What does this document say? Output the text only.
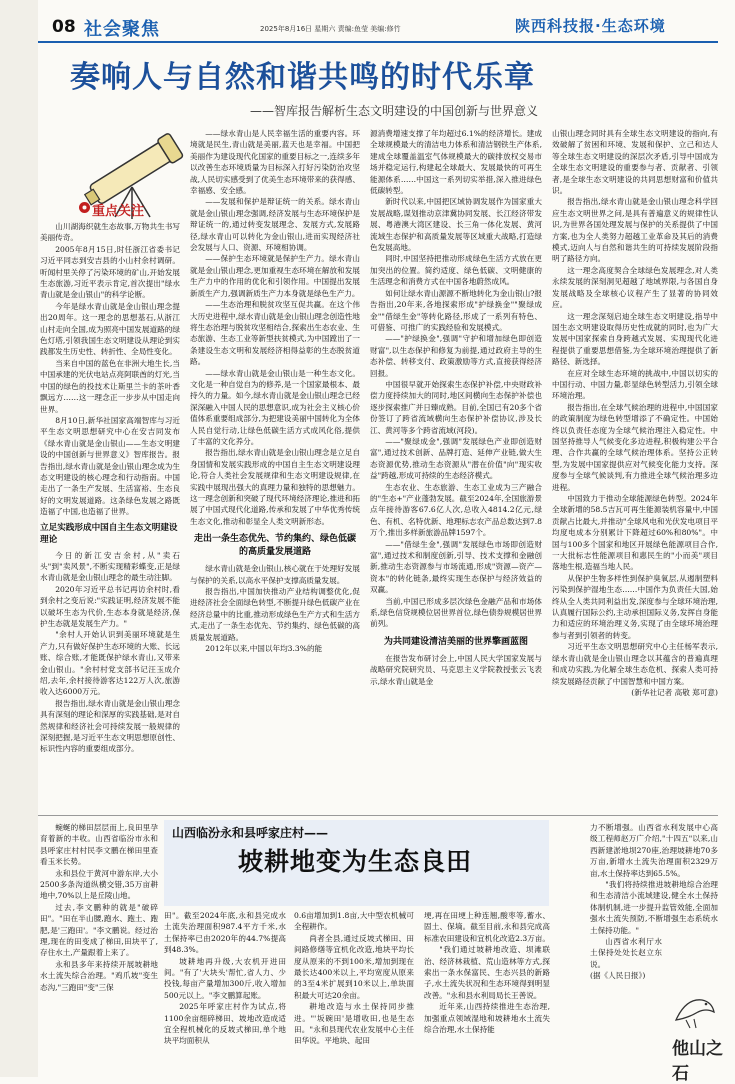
08 社会聚焦	2025年8月16日 星期六 责编:鱼莹 美编:修竹	陕西科技报·生态环境
奏响人与自然和谐共鸣的时代乐章
——智库报告解析生态文明建设的中国创新与世界意义
重点关注

山川湖海织就生态故事,万物共生书写美丽传奇。

2005年8月15日,时任浙江省委书记习近平同志到安吉县的小山村余村调研。听闻村里关停了污染环境的矿山,开始发展生态旅游,习近平表示肯定,首次提出"绿水青山就是金山银山"的科学论断。

今年是绿水青山就是金山银山理念提出20周年。这一理念的思想基石,从浙江山村走向全国,成为照亮中国发展道路的绿色灯塔,引领我国生态文明建设从理论到实践都发生历史性、转折性、全局性变化。

当来自中国的蓝色在非洲大地生长,当中国承建的光伏电站点亮阿联酋的灯光,当中国的绿色的投技术让斯里兰卡的茶叶香飘远方……这一理念正一步步从中国走向世界。

8月10日,新华社国家高端智库与习近平生态文明思想研究中心在安吉同发布《绿水青山就是金山银山——生态文明建设的中国创新与世界意义》智库报告。报告指出,绿水青山就是金山银山理念成为生态文明建设的核心理念和行动指南。中国走出了一条生产发展、生活富裕、生态良好的文明发展道路。这条绿色发展之路既造福了中国,也造福了世界。

立足实践形成中国自主生态文明建设理论

今日的新江安吉余村,从"卖石头"到"卖风景",不断实现精彩蝶变,正是绿水青山就是金山银山理念的最生动注脚。

2020年习近平总书记再访余村时,看到余村之变后说:"实践证明,经济发展不能以破坏生态为代价,生态本身就是经济,保护生态就是发展生产力。"

"余村人开始认识到美丽环境就是生产力,只有做好保护生态环境的大账、长远账、综合账,才能既保护绿水青山,又带来金山银山。"余村村党支部书记汪玉成介绍,去年,余村接待游客达122万人次,旅游收入达6000万元。

报告指出,绿水青山就是金山银山理念具有深刻的理论和深厚的实践基础,是对自然规律和经济社会可持续发展一般规律的深刻把握,是习近平生态文明思想原创性、标识性内容的重要组成部分。

——绿水青山是人民幸福生活的重要内容。环境就是民生,青山就是美丽,蓝天也是幸福。中国把美丽作为建设现代化国家的重要目标之一,连续多年以改善生态环境质量为目标深入打好污染防治攻坚战,人民切实感受到了优美生态环境带来的获得感、幸福感、安全感。

——发展和保护是辩证统一的关系。绿水青山就是金山银山理念强调,经济发展与生态环境保护是辩证统一的,通过转变发展理念、发展方式,发展路径,绿水青山可以转化为金山银山,进而实现经济社会发展与人口、资源、环境相协调。

——保护生态环境就是保护生产力。绿水青山就是金山银山理念,更加重视生态环境在解放和发展生产力中的作用的优化和引领作用。中国提出发展新质生产力,强调新质生产力本身就是绿色生产力。

——生态治理和脱贫攻坚互促共赢。在这个伟大历史进程中,绿水青山就是金山银山理念创造性地将生态治理与脱贫攻坚相结合,探索出生态农业、生态旅游、生态工业等新型扶贫模式,为中国蹚出了一条建设生态文明和发展经济相得益彰的生态脱贫道路。

——绿水青山就是金山银山是一种生态文化。文化是一种自觉自为的修养,是一个国家最根本、最持久的力量。如今,绿水青山就是金山银山理念已经深深融入中国人民的思想意识,成为社会主义核心价值体系重要组成部分,为把建设美丽中国转化为全体人民自觉行动,让绿色低碳生活方式成风化俗,提供了丰富的文化养分。

报告指出,绿水青山就是金山银山理念是立足自身国情和发展实践形成的中国自主生态文明建设理论,符合人类社会发展规律和生态文明建设规律,在实践中展现出强大的真理力量和独特的思想魅力。这一理念创新和突破了现代环境经济理论,推进和拓展了中国式现代化道路,传承和发展了中华优秀传统生态文化,推动和彰显全人类文明新形态。

走出一条生态优先、节约集约、绿色低碳的高质量发展道路

绿水青山就是金山银山,核心就在于处理好发展与保护的关系,以高水平保护支撑高质量发展。

报告指出,中国加快推动产业结构调整优化,促进经济社会全面绿色转型,不断提升绿色低碳产业在经济总量中的比重,推动形成绿色生产方式和生活方式,走出了一条生态优先、节约集约、绿色低碳的高质量发展道路。

2012年以来,中国以年均3.3%的能

源消费增速支撑了年均超过6.1%的经济增长。建成全球规模最大的清洁电力体系和清洁钢铁生产体系,建成全球覆盖温室气体规模最大的碳排放权交易市场并稳定运行,构建起全球最大、发展最快的可再生能源体系……中国这一系列切实举措,深入推进绿色低碳转型。

新时代以来,中国把区域协调发展作为国家重大发展战略,谋划推动京津冀协同发展、长江经济带发展、粤港澳大湾区建设、长三角一体化发展、黄河流域生态保护和高质量发展等区域重大战略,打造绿色发展高地。

同时,中国坚持把推动形成绿色生活方式放在更加突出的位置。简约适度、绿色低碳、文明健康的生活理念和消费方式在中国各地蔚然成风。

如何让绿水青山源源不断地转化为金山银山?报告指出,20年来,各地探索形成"护绿换金""聚绿成金""借绿生金"等转化路径,形成了一系列有特色、可借鉴、可推广的实践经验和发展模式。

——"护绿换金",强调"守护和增加绿色即创造财富",以生态保护和修复为前提,通过政府主导的生态补偿、转移支付、政策激励等方式,直接获得经济回报。

中国很早就开始探索生态保护补偿,中央财政补偿力度持续加大的同时,地区间横向生态保护补偿也逐步探索推广并日臻成熟。目前,全国已有20多个省份签订了跨省流域横向生态保护补偿协议,涉及长江、黄河等多个跨省流域(河段)。

——"聚绿成金",强调"发展绿色产业即创造财富",通过技术创新、品牌打造、延伸产业链,做大生态资源优势,推动生态资源从"潜在价值"向"现实收益"跨越,形成可持续的生态经济模式。

生态农业、生态旅游、生态工业成为三产融合的"生态+"产业蓬勃发展。截至2024年,全国旅游景点年接待游客67.6亿人次,总收入4814.2亿元,绿色、有机、名特优新、地理标志农产品总数达到7.8万个,推出多样新旅游品牌1597个。

——"借绿生金",强调"发展绿色市场即创造财富",通过技术和制度创新,引导、技术支撑和金融创新,推动生态资源参与市场流通,形成"资源—资产—资本"的转化链条,最终实现生态保护与经济效益的双赢。

当前,中国已形成多层次绿色金融产品和市场体系,绿色信贷规模位居世界首位,绿色债券规模居世界前列。

为共同建设清洁美丽的世界擎画蓝图

在报告发布研讨会上,中国人民大学国家发展与战略研究院研究员、马克思主义学院教授张云飞表示,绿水青山就是金

山银山理念同时具有全球生态文明建设的指向,有效破解了贫困和环境、发展和保护、立己和达人等全球生态文明建设的深层次矛盾,引导中国成为全球生态文明建设的重要参与者、贡献者、引领者,是全球生态文明建设的共同思想财富和价值共识。

报告指出,绿水青山就是金山银山理念科学回应生态文明世界之问,是具有普遍意义的规律性认识,为世界各国处理发展与保护的关系提供了中国方案,也为全人类努力超越工业革命及其后的消费模式,迈向人与自然和谐共生的可持续发展阶段指明了路径方向。

这一理念高度契合全球绿色发展理念,对人类永续发展的深刻洞见超越了地域界限,与各国自身发展战略及全球核心议程产生了显著的协同效应。

这一理念深刻启迪全球生态文明建设,指导中国生态文明建设取得历史性成就的同时,也为广大发展中国家探索自身跨越式发展、实现现代化进程提供了重要思想借鉴,为全球环境治理提供了新路径、新选择。

在应对全球生态环境的挑战中,中国以切实的中国行动、中国力量,彰显绿色转型活力,引领全球环境治理。

报告指出,在全球气候治理的进程中,中国国家的政策制度为绿色转型增添了不确定性。中国始终以负责任态度为全球气候治理注入稳定性。中国坚持推导人气候变化多边进程,积极构建公平合理、合作共赢的全球气候治理体系。坚持公正转型,为发展中国家提供应对气候变化能力支持。深度参与全球气候谈判,有力推进全球气候治理多边进程。

中国致力于推动全球能源绿色转型。2024年全球新增的58.5吉瓦可再生能源装机容量中,中国贡献占比最大,并推动"全球风电和光伏发电项目平均度电成本分别累计下降超过60%和80%"。中国与100多个国家和地区开展绿色能源项目合作,一大批标志性能源项目和惠民生的"小而美"项目落地生根,造福当地人民。

从保护生物多样性到保护臭氧层,从遏制塑料污染到保护湿地生态……中国作为负责任大国,始终从全人类共同利益出发,深度参与全球环境治理,认真履行国际公约,主动承担国际义务,发挥自身能力和适应的环境治理义务,实现了由全球环境治理参与者到引领者的转变。

习近平生态文明思想研究中心主任杨军表示,绿水青山就是金山银山理念以其蕴含的普遍真理和成功实践,为化解全球生态危机、探索人类可持续发展路径贡献了中国智慧和中国方案。

(新华社记者 高敬 郑可意)

山西临汾永和县呼家庄村——
坡耕地变为生态良田

蜿蜒的梯田层层而上,良田里孕育着新的丰收。山西省临汾市永和县呼家庄村村民李文鹏在梯田里查看玉米长势。

永和县位于黄河中游东岸,大小2500多条沟道纵横交错,35万亩耕地中,70%以上是丘陵山地。

过去,李文鹏种的就是"破碎田"。"田在半山腰,跑水、跑土、跑肥,是'三跑田'。"李文鹏说。经过治理,现在的田变成了梯田,田块平了,存住水土,产量跟着上来了。

永和县多年来持续开展坡耕地水土流失综合治理。"鸡爪坡"变生态沟,"三跑田"变"三保

田"。截至2024年底,永和县完成水土流失治理面积987.4平方千米,水土保持率已由2020年的44.7%提高到48.3%。

坡耕地再升级,大农机开进田间。"有了'大块头'帮忙,省人力、少投钱,每亩产量增加300斤,收入增加500元以上。"李文鹏算起账。

2025年呼家庄村作为试点,将1100余亩细碎梯田、坡地改造成适宜全程机械化的反坡式梯田,单个地块平均面积从

0.6亩增加到1.8亩,大中型农机械可全程耕作。

尚者全县,通过反坡式梯田、田间路修缮等宜机化改造,地块平均长度从原来的不到100米,增加到现在最长达400米以上,平均宽度从原来的3至4米扩展到10米以上,单块面积最大可达20余亩。

耕地改造与水土保持同步推进。"'坂碗田'是增收田,也是生态田。"永和县现代农业发展中心主任田华说。平地块、起田

埂,再在田埂上种连翘,酸枣等,蓄水、固土、保墒。截至目前,永和县完成高标准农田建设和宜机化改造2.3万亩。

"我们通过坡耕地改造、坝滩联治、经济林栽植、荒山造林等方式,探索出一条水保富民、生态兴县的新路子,水土流失状况和生态环境得到明显改善。"永和县水利局局长王善说。

近年来,山西持续推进生态治理,加强重点领域湿地和坡耕地水土流失综合治理,水土保持能

力不断增强。山西省水利发展中心高级工程师赵万广介绍,"十四五"以来,山西新建淤地坝270座,治理坡耕地70多万亩,新增水土流失治理面积2329万亩,水土保持率达到65.5%。

"我们将持续推进坡耕地综合治理和生态清洁小流域建设,健全水土保持体制机制,进一步提升监管效能,全面加强水土流失预防,不断增强生态系统水土保持功能。"

山西省水利厅水土保持处处长赵立东说。

(据《人民日报》)

他山之石
